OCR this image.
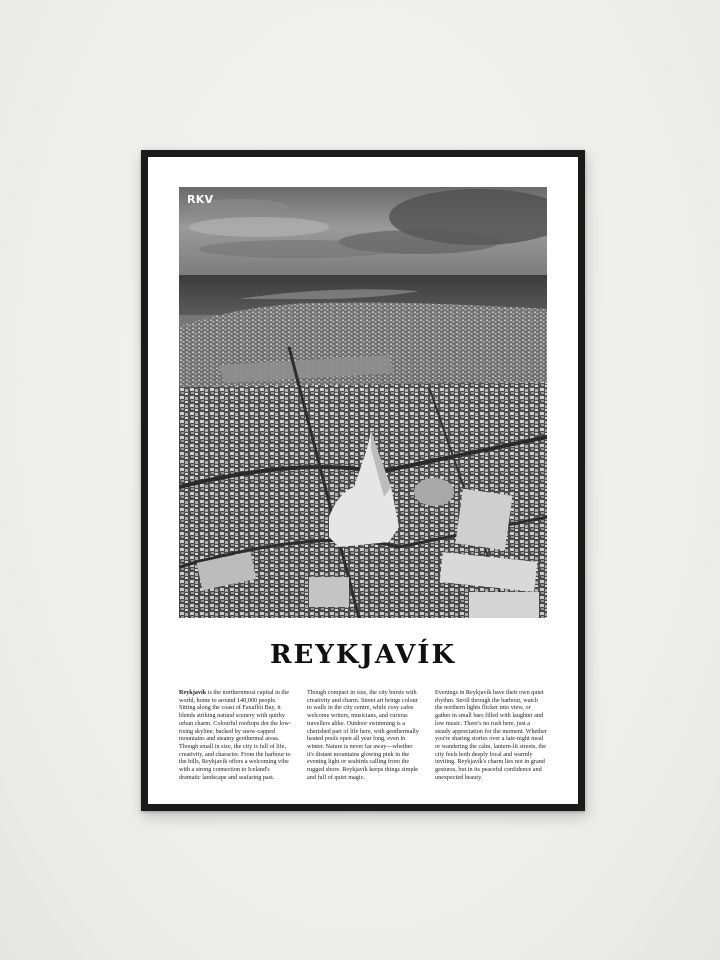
RKV
REYKJAVÍK

Reykjavík is the northernmost capital in the world, home to around 140,000 people. Sitting along the coast of Faxaflói Bay, it blends striking natural scenery with quirky urban charm. Colourful rooftops dot the low-rising skyline, backed by snow-capped mountains and steamy geothermal areas. Though small in size, the city is full of life, creativity, and character. From the harbour to the hills, Reykjavík offers a welcoming vibe with a strong connection to Iceland's dramatic landscape and seafaring past.

Though compact in size, the city bursts with creativity and charm. Street art brings colour to walls in the city centre, while cosy cafes welcome writers, musicians, and curious travellers alike. Outdoor swimming is a cherished part of life here, with geothermally heated pools open all year long, even in winter. Nature is never far away—whether it's distant mountains glowing pink in the evening light or seabirds calling from the rugged shore. Reykjavík keeps things simple and full of quiet magic.

Evenings in Reykjavík have their own quiet rhythm. Stroll through the harbour, watch the northern lights flicker into view, or gather in small bars filled with laughter and low music. There's no rush here, just a steady appreciation for the moment. Whether you're sharing stories over a late-night meal or wandering the calm, lantern-lit streets, the city feels both deeply local and warmly inviting. Reykjavík's charm lies not in grand gestures, but in its peaceful confidence and unexpected beauty.
